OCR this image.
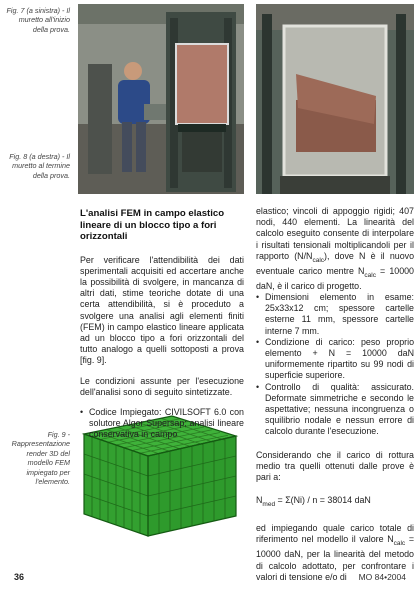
Fig. 7 (a sinistra) - Il muretto all'inizio della prova.
Fig. 8 (a destra) - Il muretto al termine della prova.
Fig. 9 - Rappresentazione render 3D del modello FEM impiegato per l'elemento.
L'analisi FEM in campo elastico lineare di un blocco tipo a fori orizzontali

Per verificare l'attendibilità dei dati sperimentali acquisiti ed accertare anche la possibilità di svolgere, in mancanza di altri dati, stime teoriche dotate di una certa attendibilità, si è proceduto a svolgere una analisi agli elementi finiti (FEM) in campo elastico lineare applicata ad un blocco tipo a fori orizzontali del tutto analogo a quelli sottoposti a prova [fig. 9].

Le condizioni assunte per l'esecuzione dell'analisi sono di seguito sintetizzate.

• Codice Impiegato: CIVILSOFT 6.0 con solutore Algor Supersap; analisi lineare conservativa in campo

elastico; vincoli di appoggio rigidi; 407 nodi, 440 elementi. La linearità del calcolo eseguito consente di interpolare i risultati tensionali moltiplicandoli per il rapporto $(N/N_{calc})$, dove N è il nuovo eventuale carico mentre $N_{calc} = 10000$ daN, è il carico di progetto.

• Dimensioni elemento in esame: 25x33x12 cm; spessore cartelle esterne 11 mm, spessore cartelle interne 7 mm.
• Condizione di carico: peso proprio elemento + N = 10000 daN uniformemente ripartito su 99 nodi di superficie superiore.
• Controllo di qualità: assicurato. Deformate simmetriche e secondo le aspettative; nessuna incongruenza o squilibrio nodale e nessun errore di calcolo durante l'esecuzione.

Considerando che il carico di rottura medio tra quelli ottenuti dalle prove è pari a:

$N_{med} = \Sigma(Ni) / n = 38014$ daN

ed impiegando quale carico totale di riferimento nel modello il valore $N_{calc} = 10000$ daN, per la linearità del metodo di calcolo adottato, per confrontare i valori di tensione e/o di

36	MO 84•2004
